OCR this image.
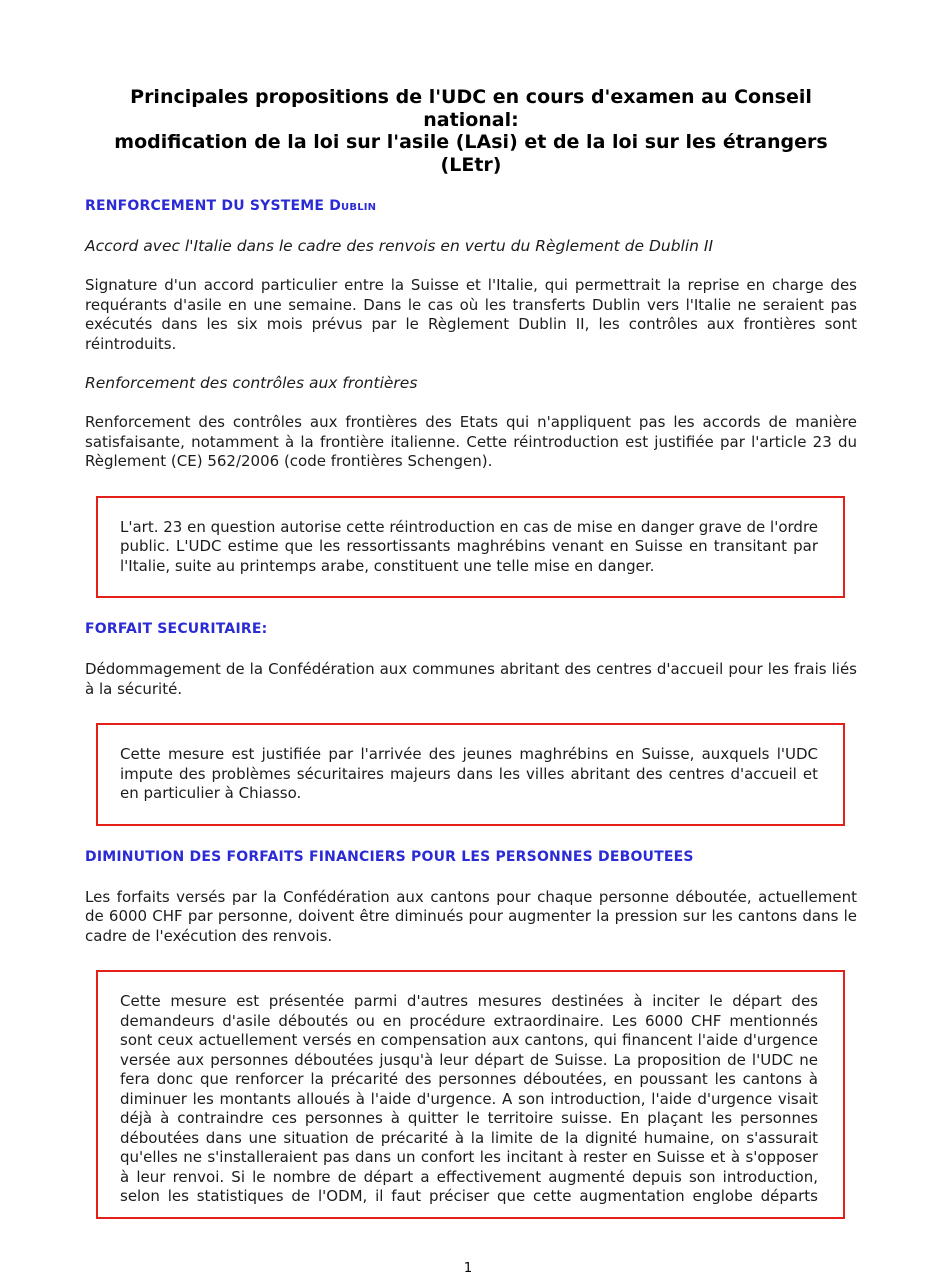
Principales propositions de l'UDC en cours d'examen au Conseil national:
modification de la loi sur l'asile (LAsi) et de la loi sur les étrangers (LEtr)
RENFORCEMENT DU SYSTEME Dublin

Accord avec l'Italie dans le cadre des renvois en vertu du Règlement de Dublin II

Signature d'un accord particulier entre la Suisse et l'Italie, qui permettrait la reprise en charge des requérants d'asile en une semaine. Dans le cas où les transferts Dublin vers l'Italie ne seraient pas exécutés dans les six mois prévus par le Règlement Dublin II, les contrôles aux frontières sont réintroduits.

Renforcement des contrôles aux frontières

Renforcement des contrôles aux frontières des Etats qui n'appliquent pas les accords de manière satisfaisante, notamment à la frontière italienne. Cette réintroduction est justifiée par l'article 23 du Règlement (CE) 562/2006 (code frontières Schengen).

L'art. 23 en question autorise cette réintroduction en cas de mise en danger grave de l'ordre public. L'UDC estime que les ressortissants maghrébins venant en Suisse en transitant par l'Italie, suite au printemps arabe, constituent une telle mise en danger.

FORFAIT SECURITAIRE:

Dédommagement de la Confédération aux communes abritant des centres d'accueil pour les frais liés à la sécurité.

Cette mesure est justifiée par l'arrivée des jeunes maghrébins en Suisse, auxquels l'UDC impute des problèmes sécuritaires majeurs dans les villes abritant des centres d'accueil et en particulier à Chiasso.

DIMINUTION DES FORFAITS FINANCIERS POUR LES PERSONNES DEBOUTEES

Les forfaits versés par la Confédération aux cantons pour chaque personne déboutée, actuellement de 6000 CHF par personne, doivent être diminués pour augmenter la pression sur les cantons dans le cadre de l'exécution des renvois.

Cette mesure est présentée parmi d'autres mesures destinées à inciter le départ des demandeurs d'asile déboutés ou en procédure extraordinaire. Les 6000 CHF mentionnés sont ceux actuellement versés en compensation aux cantons, qui financent l'aide d'urgence versée aux personnes déboutées jusqu'à leur départ de Suisse. La proposition de l'UDC ne fera donc que renforcer la précarité des personnes déboutées, en poussant les cantons à diminuer les montants alloués à l'aide d'urgence. A son introduction, l'aide d'urgence visait déjà à contraindre ces personnes à quitter le territoire suisse. En plaçant les personnes déboutées dans une situation de précarité à la limite de la dignité humaine, on s'assurait qu'elles ne s'installeraient pas dans un confort les incitant à rester en Suisse et à s'opposer à leur renvoi. Si le nombre de départ a effectivement augmenté depuis son introduction, selon les statistiques de l'ODM, il faut préciser que cette augmentation englobe départs

1
